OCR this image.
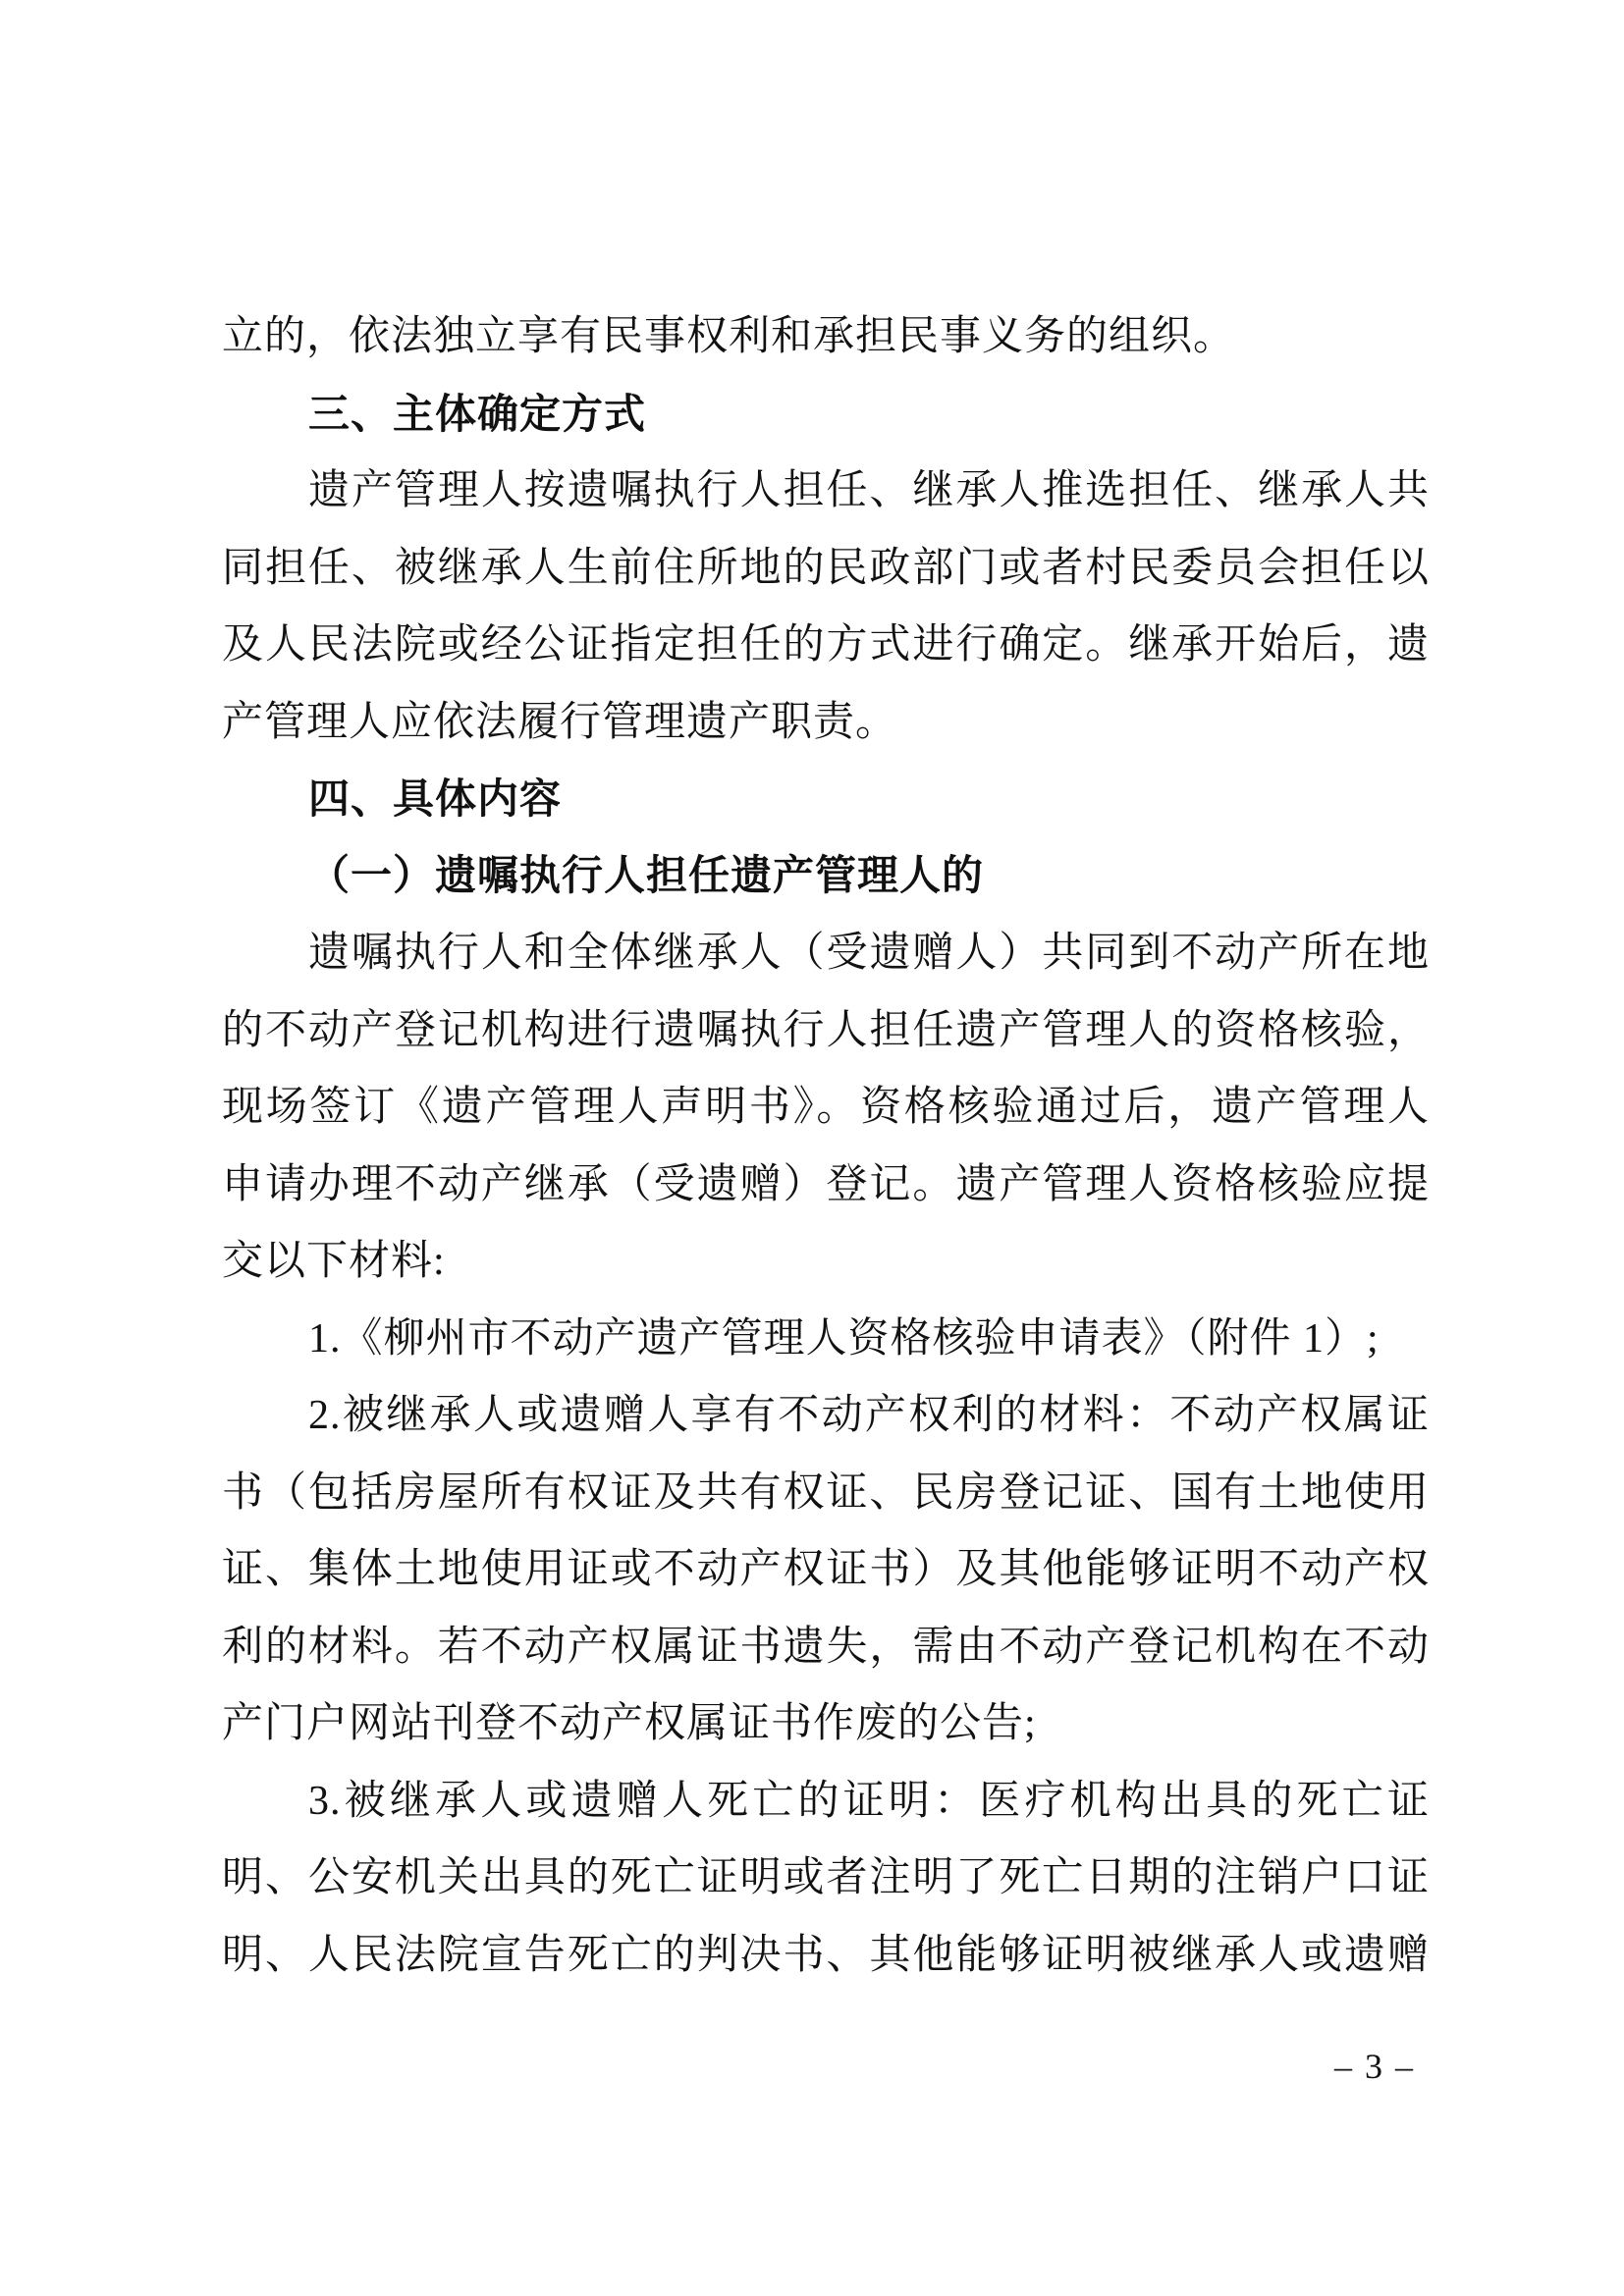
立的，依法独立享有民事权利和承担民事义务的组织。
三、主体确定方式
遗产管理人按遗嘱执行人担任、继承人推选担任、继承人共
同担任、被继承人生前住所地的民政部门或者村民委员会担任以
及人民法院或经公证指定担任的方式进行确定。继承开始后，遗
产管理人应依法履行管理遗产职责。
四、具体内容
（一）遗嘱执行人担任遗产管理人的
遗嘱执行人和全体继承人（受遗赠人）共同到不动产所在地
的不动产登记机构进行遗嘱执行人担任遗产管理人的资格核验，
现场签订《遗产管理人声明书》。资格核验通过后，遗产管理人
申请办理不动产继承（受遗赠）登记。遗产管理人资格核验应提
交以下材料:
1.《柳州市不动产遗产管理人资格核验申请表》（附件 1）;
2.被继承人或遗赠人享有不动产权利的材料：不动产权属证
书（包括房屋所有权证及共有权证、民房登记证、国有土地使用
证、集体土地使用证或不动产权证书）及其他能够证明不动产权
利的材料。若不动产权属证书遗失，需由不动产登记机构在不动
产门户网站刊登不动产权属证书作废的公告;
3.被继承人或遗赠人死亡的证明：医疗机构出具的死亡证
明、公安机关出具的死亡证明或者注明了死亡日期的注销户口证
明、人民法院宣告死亡的判决书、其他能够证明被继承人或遗赠
– 3 –
